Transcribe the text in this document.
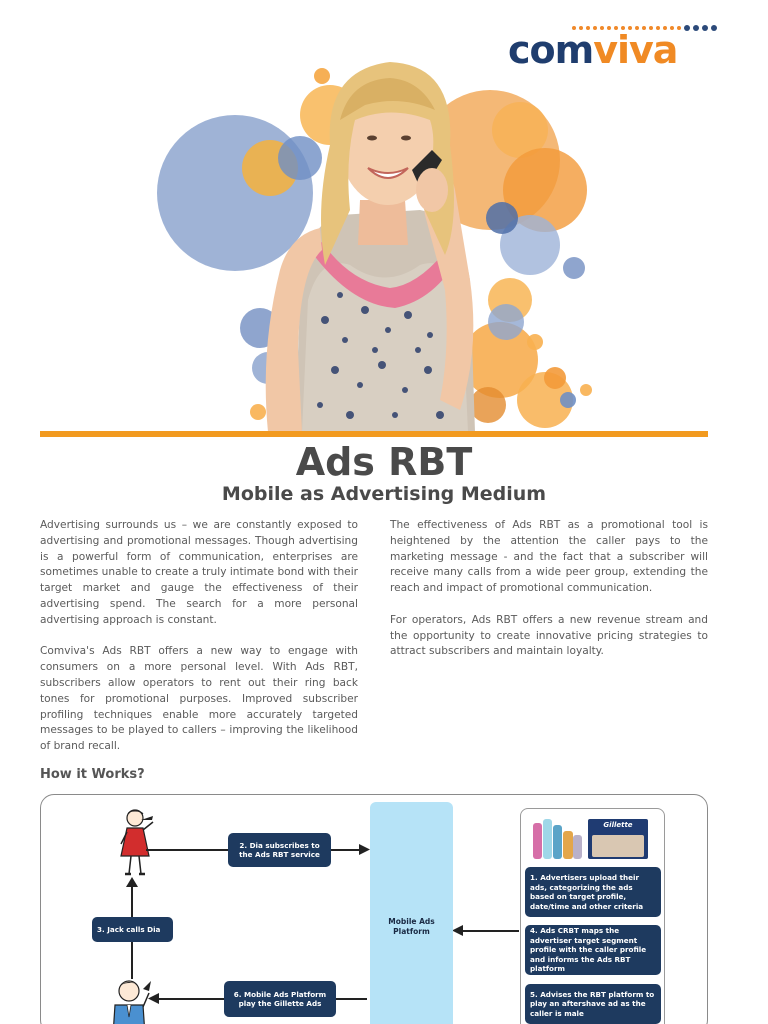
comviva
Ads RBT
Mobile as Advertising Medium

Advertising surrounds us – we are constantly exposed to advertising and promotional messages. Though advertising is a powerful form of communication, enterprises are sometimes unable to create a truly intimate bond with their target market and gauge the effectiveness of their advertising spend. The search for a more personal advertising approach is constant.

Comviva's Ads RBT offers a new way to engage with consumers on a more personal level. With Ads RBT, subscribers allow operators to rent out their ring back tones for promotional purposes. Improved subscriber profiling techniques enable more accurately targeted messages to be played to callers – improving the likelihood of brand recall.

The effectiveness of Ads RBT as a promotional tool is heightened by the attention the caller pays to the marketing message - and the fact that a subscriber will receive many calls from a wide peer group, extending the reach and impact of promotional communication.

For operators, Ads RBT offers a new revenue stream and the opportunity to create innovative pricing strategies to attract subscribers and maintain loyalty.

How it Works?
Mobile Ads Platform
2. Dia subscribes to the Ads RBT service
3. Jack calls Dia
6. Mobile Ads Platform play the Gillette Ads
Gillette
1. Advertisers upload their ads, categorizing the ads based on target profile, date/time and other criteria
4. Ads CRBT maps the advertiser target segment profile with the caller profile and informs the Ads RBT platform
5. Advises the RBT platform to play an aftershave ad as the caller is male
